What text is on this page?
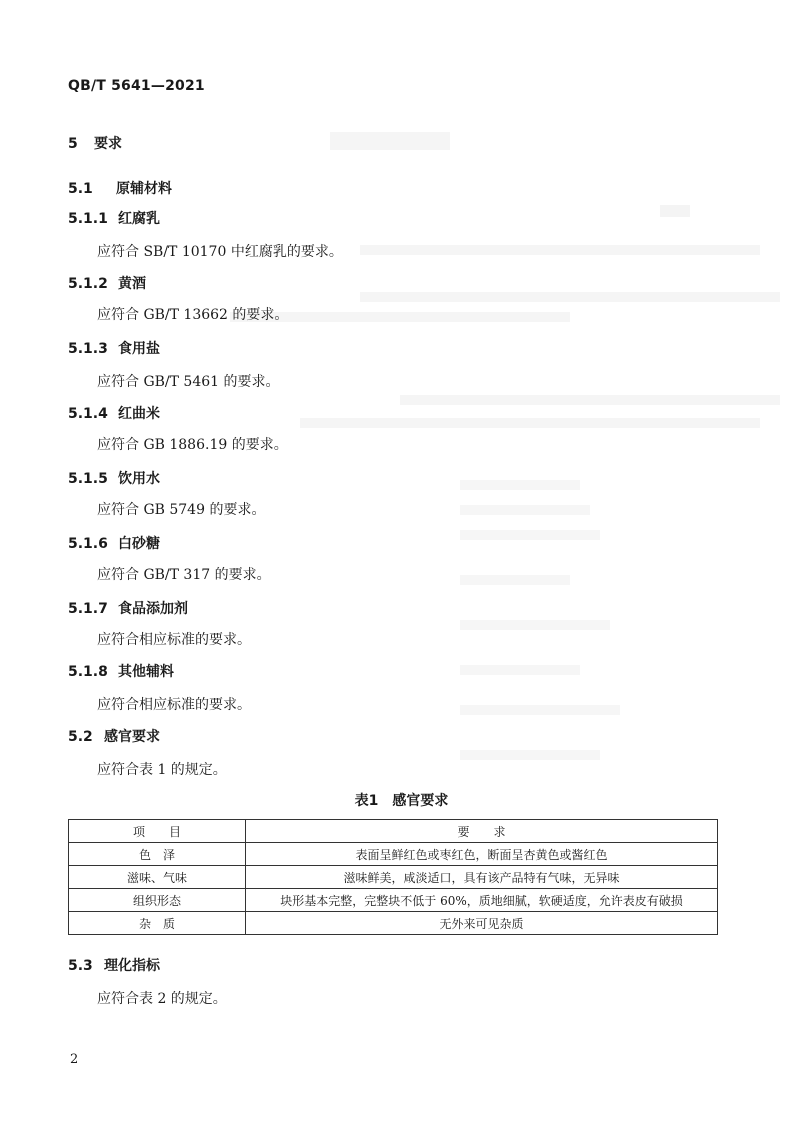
QB/T 5641—2021
5 要求
5.1 原辅材料
5.1.1 红腐乳
应符合 SB/T 10170 中红腐乳的要求。
5.1.2 黄酒
应符合 GB/T 13662 的要求。
5.1.3 食用盐
应符合 GB/T 5461 的要求。
5.1.4 红曲米
应符合 GB 1886.19 的要求。
5.1.5 饮用水
应符合 GB 5749 的要求。
5.1.6 白砂糖
应符合 GB/T 317 的要求。
5.1.7 食品添加剂
应符合相应标准的要求。
5.1.8 其他辅料
应符合相应标准的要求。
5.2 感官要求
应符合表 1 的规定。
表1　感官要求
项　　目	要　　求
色　泽	表面呈鲜红色或枣红色，断面呈杏黄色或酱红色
滋味、气味	滋味鲜美，咸淡适口，具有该产品特有气味，无异味
组织形态	块形基本完整，完整块不低于 60%，质地细腻，软硬适度，允许表皮有破损
杂　质	无外来可见杂质
5.3 理化指标
应符合表 2 的规定。
2
